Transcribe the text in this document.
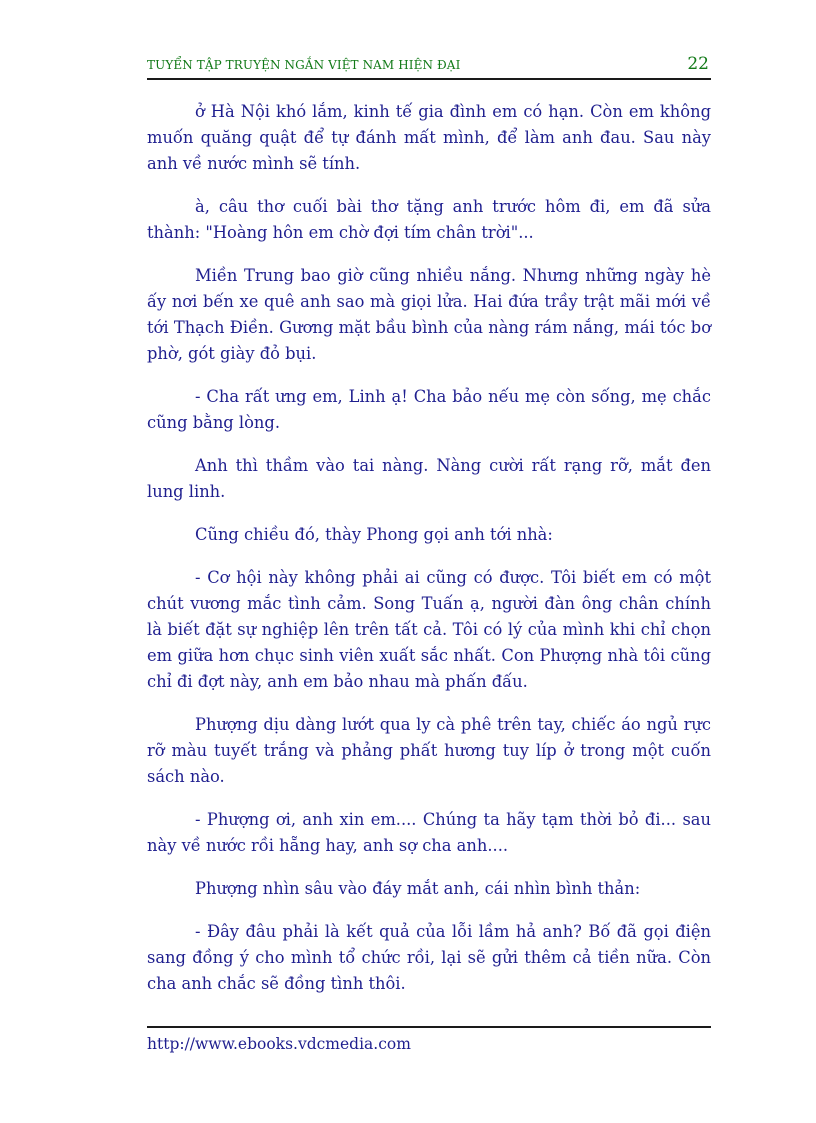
TUYỂN TẬP TRUYỆN NGẮN VIỆT NAM HIỆN ĐẠI	22

ở Hà Nội khó lắm, kinh tế gia đình em có hạn. Còn em không muốn quăng quật để tự đánh mất mình, để làm anh đau. Sau này anh về nước mình sẽ tính.

à, câu thơ cuối bài thơ tặng anh trước hôm đi, em đã sửa thành: "Hoàng hôn em chờ đợi tím chân trời"...

Miền Trung bao giờ cũng nhiều nắng. Nhưng những ngày hè ấy nơi bến xe quê anh sao mà giọi lửa. Hai đứa trầy trật mãi mới về tới Thạch Điền. Gương mặt bầu bình của nàng rám nắng, mái tóc bơ phờ, gót giày đỏ bụi.

- Cha rất ưng em, Linh ạ! Cha bảo nếu mẹ còn sống, mẹ chắc cũng bằng lòng.

Anh thì thầm vào tai nàng. Nàng cười rất rạng rỡ, mắt đen lung linh.

Cũng chiều đó, thày Phong gọi anh tới nhà:

- Cơ hội này không phải ai cũng có được. Tôi biết em có một chút vương mắc tình cảm. Song Tuấn ạ, người đàn ông chân chính là biết đặt sự nghiệp lên trên tất cả. Tôi có lý của mình khi chỉ chọn em giữa hơn chục sinh viên xuất sắc nhất. Con Phượng nhà tôi cũng chỉ đi đợt này, anh em bảo nhau mà phấn đấu.

Phượng dịu dàng lướt qua ly cà phê trên tay, chiếc áo ngủ rực rỡ màu tuyết trắng và phảng phất hương tuy líp ở trong một cuốn sách nào.

- Phượng ơi, anh xin em.... Chúng ta hãy tạm thời bỏ đi... sau này về nước rồi hẵng hay, anh sợ cha anh....

Phượng nhìn sâu vào đáy mắt anh, cái nhìn bình thản:

- Đây đâu phải là kết quả của lỗi lầm hả anh? Bố đã gọi điện sang đồng ý cho mình tổ chức rồi, lại sẽ gửi thêm cả tiền nữa. Còn cha anh chắc sẽ đồng tình thôi.

http://www.ebooks.vdcmedia.com
